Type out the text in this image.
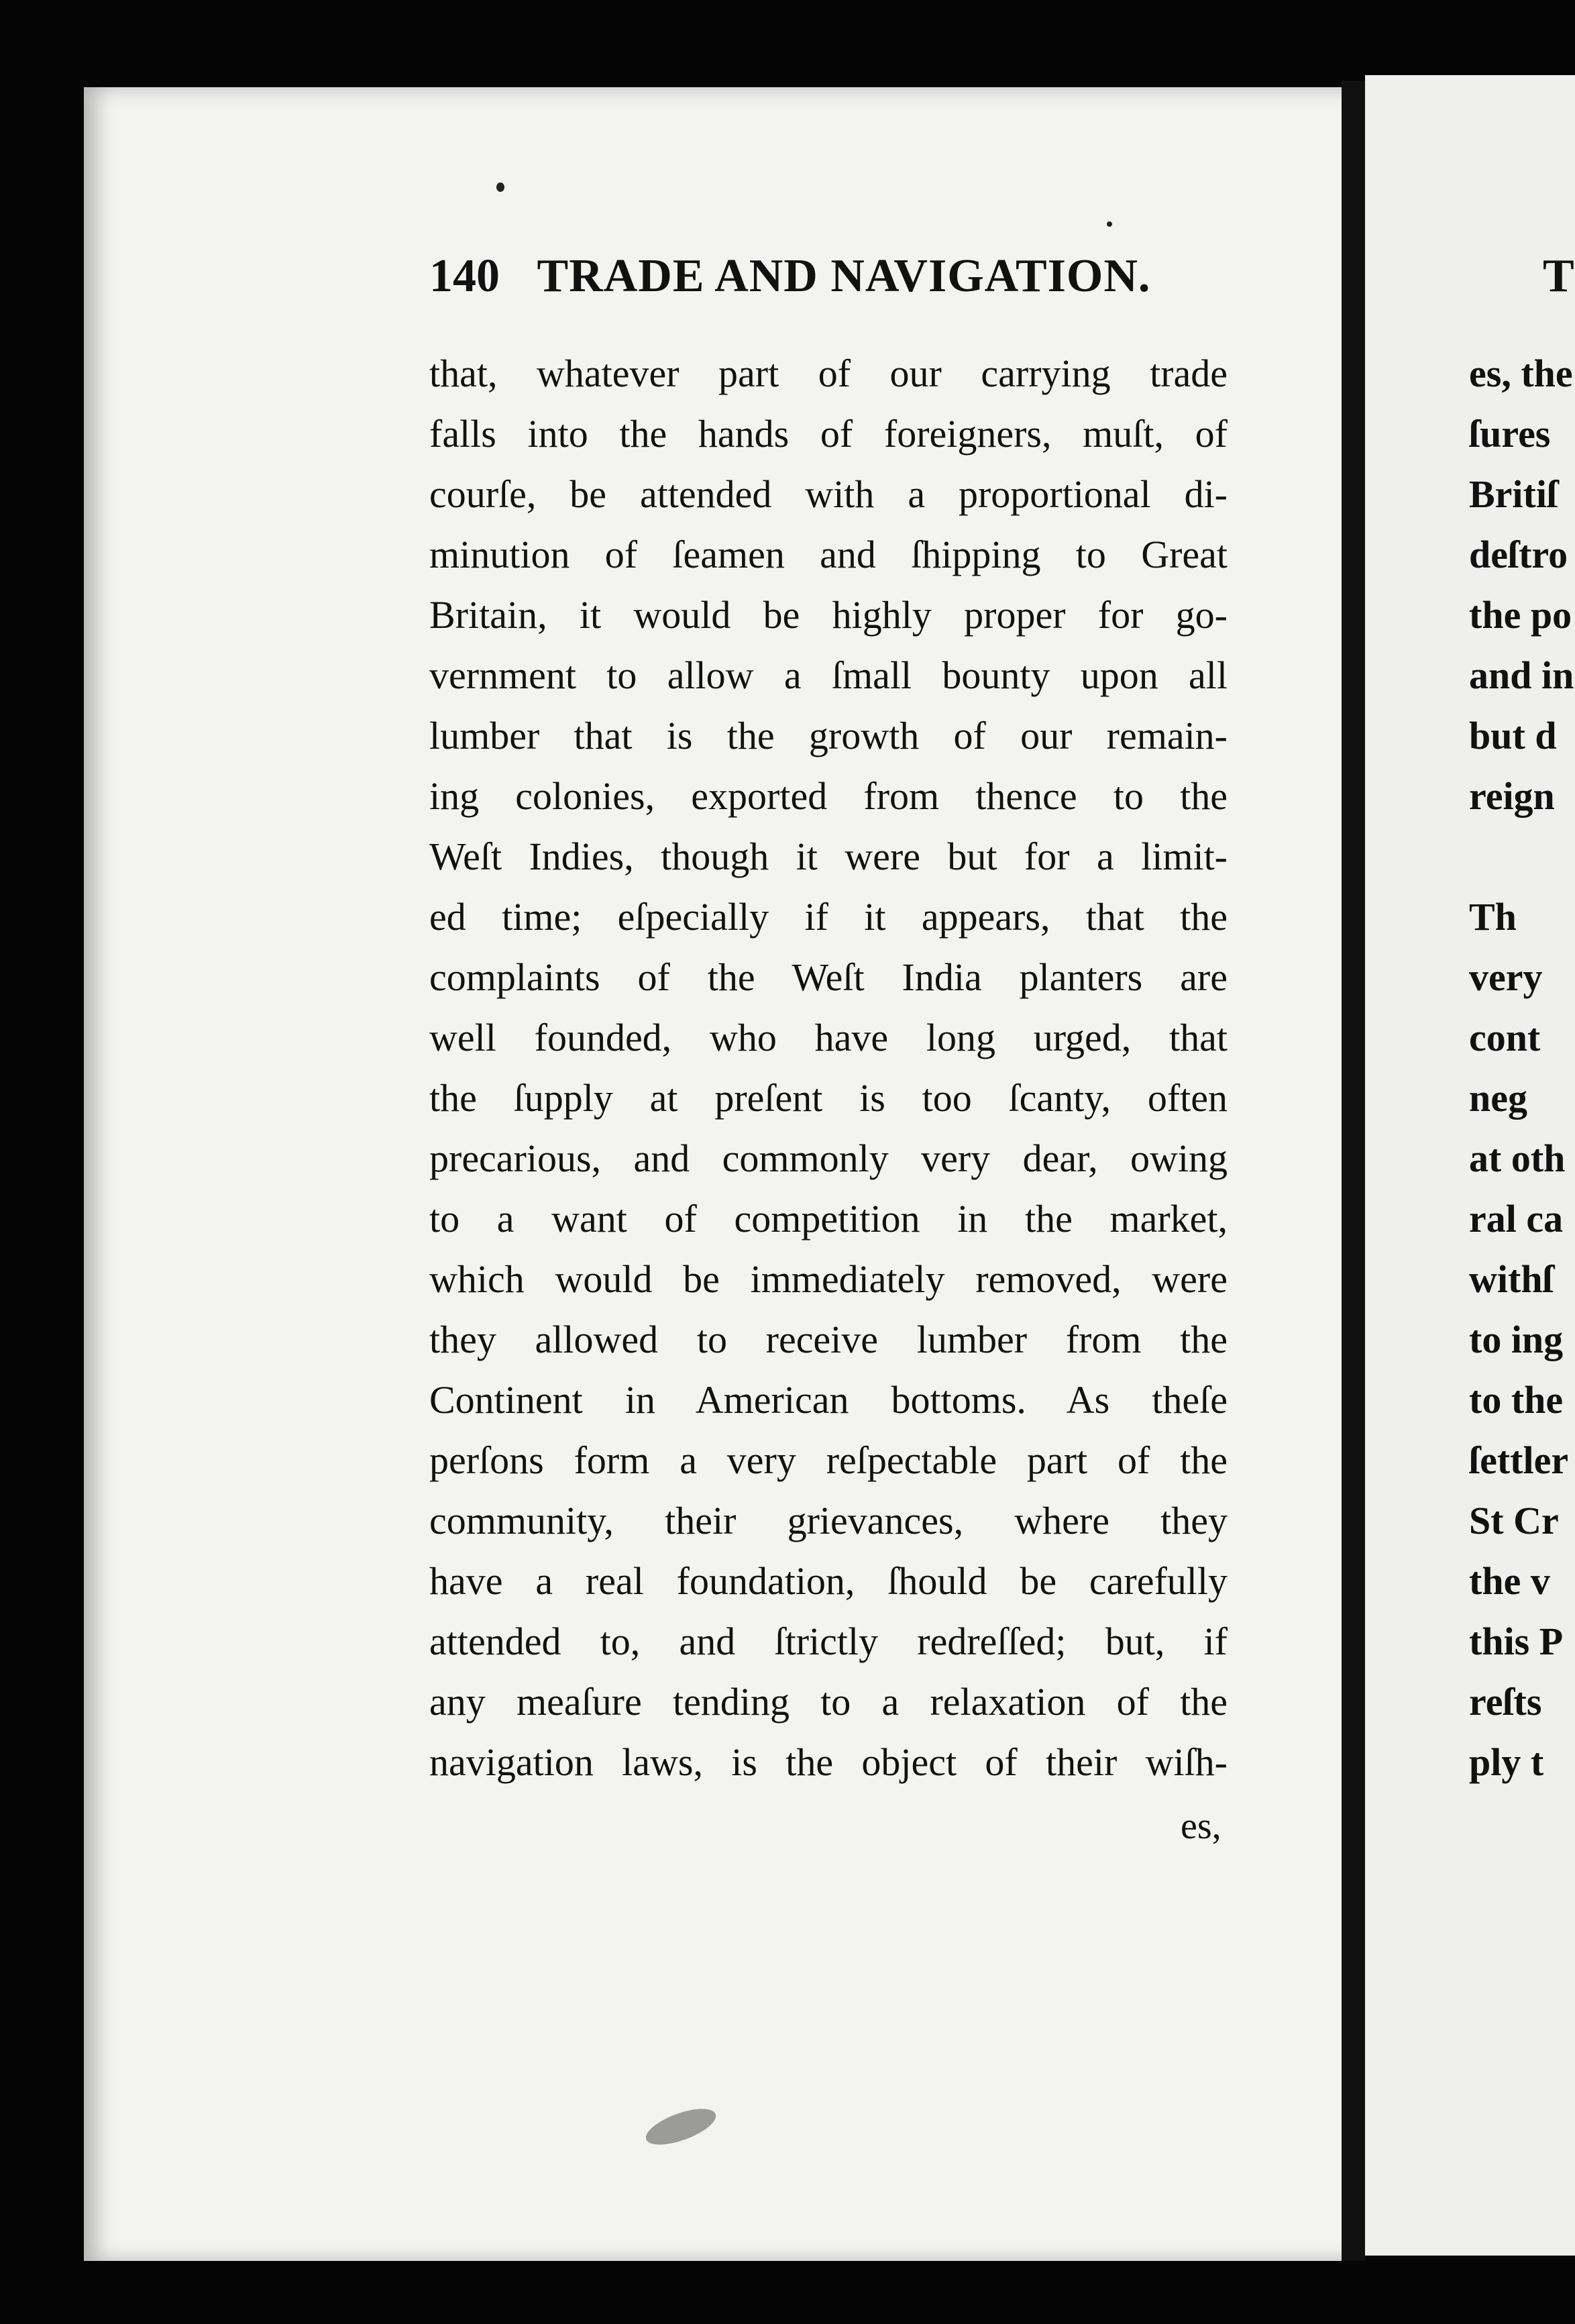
140 TRADE AND NAVIGATION.
that, whatever part of our carrying trade
falls into the hands of foreigners, muſt, of
courſe, be attended with a proportional di-
minution of ſeamen and ſhipping to Great
Britain, it would be highly proper for go-
vernment to allow a ſmall bounty upon all
lumber that is the growth of our remain-
ing colonies, exported from thence to the
Weſt Indies, though it were but for a limit-
ed time; eſpecially if it appears, that the
complaints of the Weſt India planters are
well founded, who have long urged, that
the ſupply at preſent is too ſcanty, often
precarious, and commonly very dear, owing
to a want of competition in the market,
which would be immediately removed, were
they allowed to receive lumber from the
Continent in American bottoms. As theſe
perſons form a very reſpectable part of the
community, their grievances, where they
have a real foundation, ſhould be carefully
attended to, and ſtrictly redreſſed; but, if
any meaſure tending to a relaxation of the
navigation laws, is the object of their wiſh-
es,
T
es, the
ſures
Britiſ
deſtro
the po
and in
but d
reign
Th
very
cont
neg
at oth
ral ca
withſ
to ing
to the
ſettler
St Cr
the v
this P
reſts
ply t
